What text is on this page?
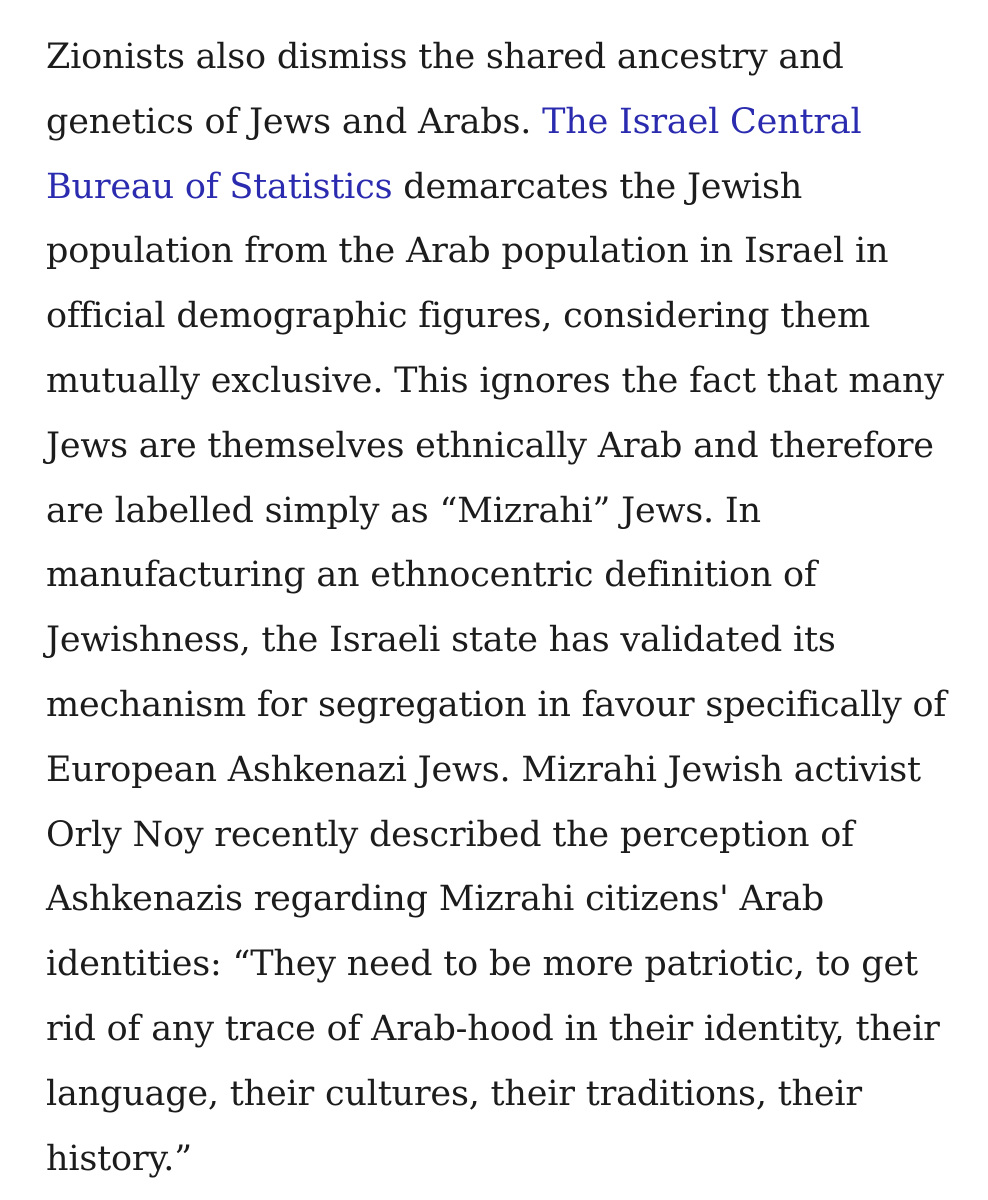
Zionists also dismiss the shared ancestry and
genetics of Jews and Arabs. The Israel Central
Bureau of Statistics demarcates the Jewish
population from the Arab population in Israel in
official demographic figures, considering them
mutually exclusive. This ignores the fact that many
Jews are themselves ethnically Arab and therefore
are labelled simply as “Mizrahi” Jews. In
manufacturing an ethnocentric definition of
Jewishness, the Israeli state has validated its
mechanism for segregation in favour specifically of
European Ashkenazi Jews. Mizrahi Jewish activist
Orly Noy recently described the perception of
Ashkenazis regarding Mizrahi citizens' Arab
identities: “They need to be more patriotic, to get
rid of any trace of Arab-hood in their identity, their
language, their cultures, their traditions, their
history.”
